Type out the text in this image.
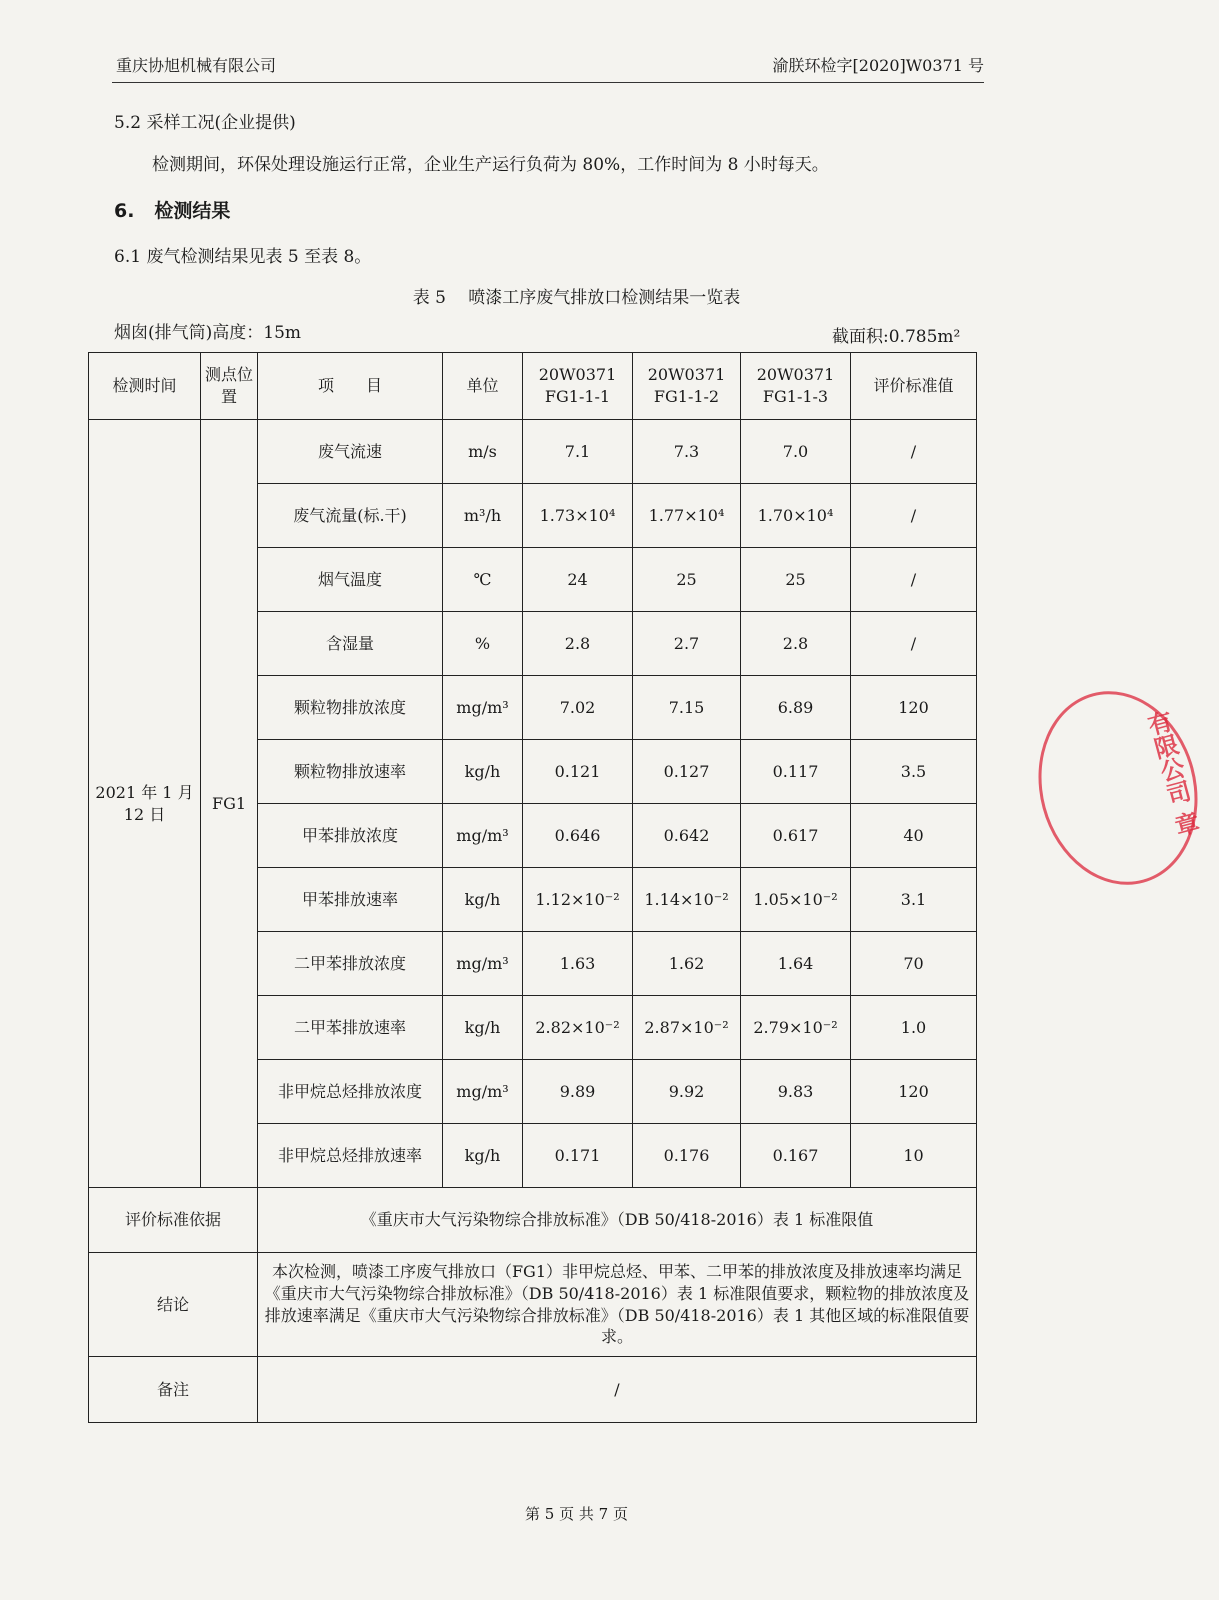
重庆协旭机械有限公司	渝朕环检字[2020]W0371 号
5.2 采样工况(企业提供)
检测期间，环保处理设施运行正常，企业生产运行负荷为 80%，工作时间为 8 小时每天。
6. 检测结果
6.1 废气检测结果见表 5 至表 8。
表 5　 喷漆工序废气排放口检测结果一览表
烟囱(排气筒)高度：15m	截面积:0.785m²
检测时间	测点位置	项　　目	单位	20W0371 FG1-1-1	20W0371 FG1-1-2	20W0371 FG1-1-3	评价标准值
2021 年 1 月 12 日	FG1	废气流速	m/s	7.1	7.3	7.0	/
		废气流量(标.干)	m³/h	1.73×10⁴	1.77×10⁴	1.70×10⁴	/
		烟气温度	℃	24	25	25	/
		含湿量	%	2.8	2.7	2.8	/
		颗粒物排放浓度	mg/m³	7.02	7.15	6.89	120
		颗粒物排放速率	kg/h	0.121	0.127	0.117	3.5
		甲苯排放浓度	mg/m³	0.646	0.642	0.617	40
		甲苯排放速率	kg/h	1.12×10⁻²	1.14×10⁻²	1.05×10⁻²	3.1
		二甲苯排放浓度	mg/m³	1.63	1.62	1.64	70
		二甲苯排放速率	kg/h	2.82×10⁻²	2.87×10⁻²	2.79×10⁻²	1.0
		非甲烷总烃排放浓度	mg/m³	9.89	9.92	9.83	120
		非甲烷总烃排放速率	kg/h	0.171	0.176	0.167	10
评价标准依据		《重庆市大气污染物综合排放标准》（DB 50/418-2016）表 1 标准限值					
结论		本次检测，喷漆工序废气排放口（FG1）非甲烷总烃、甲苯、二甲苯的排放浓度及排放速率均满足《重庆市大气污染物综合排放标准》（DB 50/418-2016）表 1 标准限值要求，颗粒物的排放浓度及排放速率满足《重庆市大气污染物综合排放标准》（DB 50/418-2016）表 1 其他区域的标准限值要求。					
备注		/					
有限公司 章
第 5 页 共 7 页
